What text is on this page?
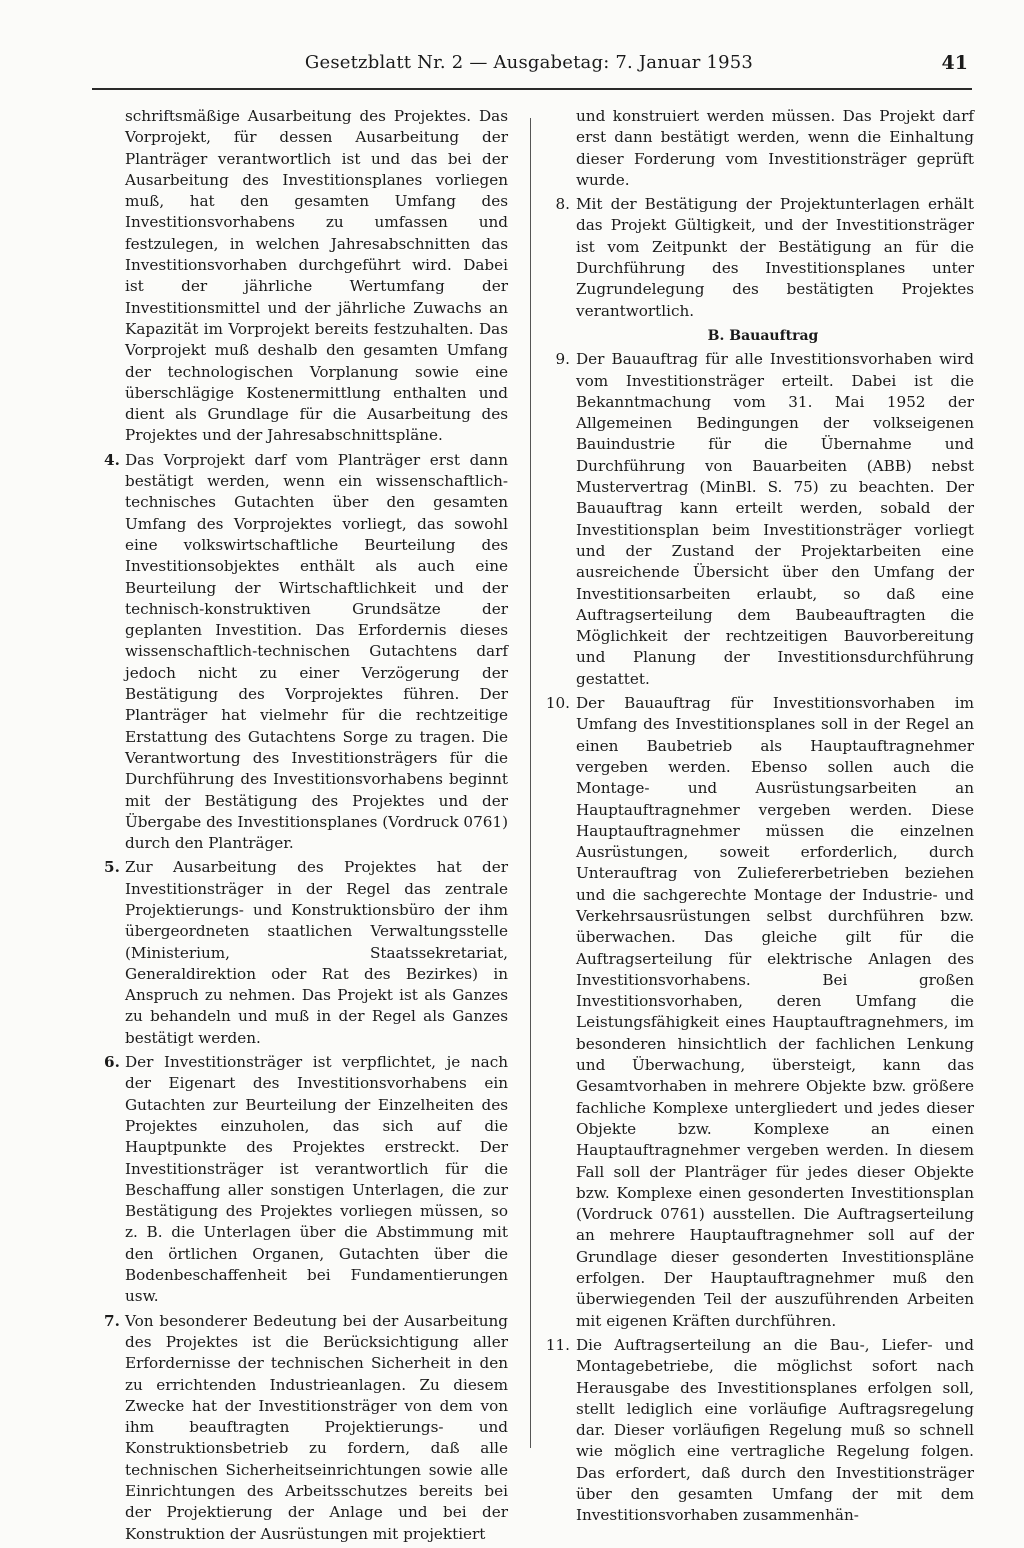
Gesetzblatt Nr. 2 — Ausgabetag: 7. Januar 1953	41

schriftsmäßige Ausarbeitung des Projektes. Das Vorprojekt, für dessen Ausarbeitung der Planträger verantwortlich ist und das bei der Ausarbeitung des Investitionsplanes vorliegen muß, hat den gesamten Umfang des Investitionsvorhabens zu umfassen und festzulegen, in welchen Jahresabschnitten das Investitionsvorhaben durchgeführt wird. Dabei ist der jährliche Wertumfang der Investitionsmittel und der jährliche Zuwachs an Kapazität im Vorprojekt bereits festzuhalten. Das Vorprojekt muß deshalb den gesamten Umfang der technologischen Vorplanung sowie eine überschlägige Kostenermittlung enthalten und dient als Grundlage für die Ausarbeitung des Projektes und der Jahresabschnittspläne.

4. Das Vorprojekt darf vom Planträger erst dann bestätigt werden, wenn ein wissenschaftlich-technisches Gutachten über den gesamten Umfang des Vorprojektes vorliegt, das sowohl eine volkswirtschaftliche Beurteilung des Investitionsobjektes enthält als auch eine Beurteilung der Wirtschaftlichkeit und der technisch-konstruktiven Grundsätze der geplanten Investition. Das Erfordernis dieses wissenschaftlich-technischen Gutachtens darf jedoch nicht zu einer Verzögerung der Bestätigung des Vorprojektes führen. Der Planträger hat vielmehr für die rechtzeitige Erstattung des Gutachtens Sorge zu tragen. Die Verantwortung des Investitionsträgers für die Durchführung des Investitionsvorhabens beginnt mit der Bestätigung des Projektes und der Übergabe des Investitionsplanes (Vordruck 0761) durch den Planträger.

5. Zur Ausarbeitung des Projektes hat der Investitionsträger in der Regel das zentrale Projektierungs- und Konstruktionsbüro der ihm übergeordneten staatlichen Verwaltungsstelle (Ministerium, Staatssekretariat, Generaldirektion oder Rat des Bezirkes) in Anspruch zu nehmen. Das Projekt ist als Ganzes zu behandeln und muß in der Regel als Ganzes bestätigt werden.

6. Der Investitionsträger ist verpflichtet, je nach der Eigenart des Investitionsvorhabens ein Gutachten zur Beurteilung der Einzelheiten des Projektes einzuholen, das sich auf die Hauptpunkte des Projektes erstreckt. Der Investitionsträger ist verantwortlich für die Beschaffung aller sonstigen Unterlagen, die zur Bestätigung des Projektes vorliegen müssen, so z. B. die Unterlagen über die Abstimmung mit den örtlichen Organen, Gutachten über die Bodenbeschaffenheit bei Fundamentierungen usw.

7. Von besonderer Bedeutung bei der Ausarbeitung des Projektes ist die Berücksichtigung aller Erfordernisse der technischen Sicherheit in den zu errichtenden Industrieanlagen. Zu diesem Zwecke hat der Investitionsträger von dem von ihm beauftragten Projektierungs- und Konstruktionsbetrieb zu fordern, daß alle technischen Sicherheitseinrichtungen sowie alle Einrichtungen des Arbeitsschutzes bereits bei der Projektierung der Anlage und bei der Konstruktion der Ausrüstungen mit projektiert

und konstruiert werden müssen. Das Projekt darf erst dann bestätigt werden, wenn die Einhaltung dieser Forderung vom Investitionsträger geprüft wurde.

8. Mit der Bestätigung der Projektunterlagen erhält das Projekt Gültigkeit, und der Investitionsträger ist vom Zeitpunkt der Bestätigung an für die Durchführung des Investitionsplanes unter Zugrundelegung des bestätigten Projektes verantwortlich.

B. Bauauftrag
9. Der Bauauftrag für alle Investitionsvorhaben wird vom Investitionsträger erteilt. Dabei ist die Bekanntmachung vom 31. Mai 1952 der Allgemeinen Bedingungen der volkseigenen Bauindustrie für die Übernahme und Durchführung von Bauarbeiten (ABB) nebst Mustervertrag (MinBl. S. 75) zu beachten. Der Bauauftrag kann erteilt werden, sobald der Investitionsplan beim Investitionsträger vorliegt und der Zustand der Projektarbeiten eine ausreichende Übersicht über den Umfang der Investitionsarbeiten erlaubt, so daß eine Auftragserteilung dem Baubeauftragten die Möglichkeit der rechtzeitigen Bauvorbereitung und Planung der Investitionsdurchführung gestattet.

10. Der Bauauftrag für Investitionsvorhaben im Umfang des Investitionsplanes soll in der Regel an einen Baubetrieb als Hauptauftragnehmer vergeben werden. Ebenso sollen auch die Montage- und Ausrüstungsarbeiten an Hauptauftragnehmer vergeben werden. Diese Hauptauftragnehmer müssen die einzelnen Ausrüstungen, soweit erforderlich, durch Unterauftrag von Zuliefererbetrieben beziehen und die sachgerechte Montage der Industrie- und Verkehrsausrüstungen selbst durchführen bzw. überwachen. Das gleiche gilt für die Auftragserteilung für elektrische Anlagen des Investitionsvorhabens. Bei großen Investitionsvorhaben, deren Umfang die Leistungsfähigkeit eines Hauptauftragnehmers, im besonderen hinsichtlich der fachlichen Lenkung und Überwachung, übersteigt, kann das Gesamtvorhaben in mehrere Objekte bzw. größere fachliche Komplexe untergliedert und jedes dieser Objekte bzw. Komplexe an einen Hauptauftragnehmer vergeben werden. In diesem Fall soll der Planträger für jedes dieser Objekte bzw. Komplexe einen gesonderten Investitionsplan (Vordruck 0761) ausstellen. Die Auftragserteilung an mehrere Hauptauftragnehmer soll auf der Grundlage dieser gesonderten Investitionspläne erfolgen. Der Hauptauftragnehmer muß den überwiegenden Teil der auszuführenden Arbeiten mit eigenen Kräften durchführen.

11. Die Auftragserteilung an die Bau-, Liefer- und Montagebetriebe, die möglichst sofort nach Herausgabe des Investitionsplanes erfolgen soll, stellt lediglich eine vorläufige Auftragsregelung dar. Dieser vorläufigen Regelung muß so schnell wie möglich eine vertragliche Regelung folgen. Das erfordert, daß durch den Investitionsträger über den gesamten Umfang der mit dem Investitionsvorhaben zusammenhän-
